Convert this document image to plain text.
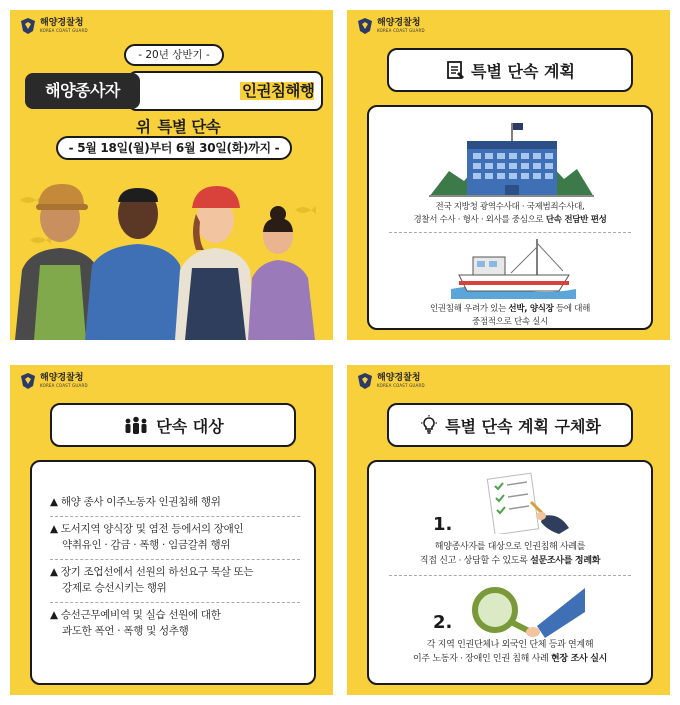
해양경찰청
KOREA COAST GUARD
- 20년 상반기 -
인권침해행위 특별 단속
해양종사자
- 5월 18일(월)부터 6월 30일(화)까지 -
해양경찰청
KOREA COAST GUARD
특별 단속 계획
전국 지방청 광역수사대 · 국제범죄수사대,
경찰서 수사 · 형사 · 외사를 중심으로 단속 전담반 편성
인권침해 우려가 있는 선박, 양식장 등에 대해
중점적으로 단속 실시
해양경찰청
KOREA COAST GUARD
단속 대상
▲ 해양 종사 이주노동자 인권침해 행위
▲ 도서지역 양식장 및 염전 등에서의 장애인
약취유인 · 감금 · 폭행 · 임금갈취 행위
▲ 장기 조업선에서 선원의 하선요구 묵살 또는
강제로 승선시키는 행위
▲ 승선근무예비역 및 실습 선원에 대한
과도한 폭언 · 폭행 및 성추행
해양경찰청
KOREA COAST GUARD
특별 단속 계획 구체화
1.
해양종사자를 대상으로 인권침해 사례를
직접 신고 · 상담할 수 있도록 설문조사를 정례화
2.
각 지역 인권단체나 외국인 단체 등과 연계해
이주 노동자 · 장애인 인권 침해 사례 현장 조사 실시
